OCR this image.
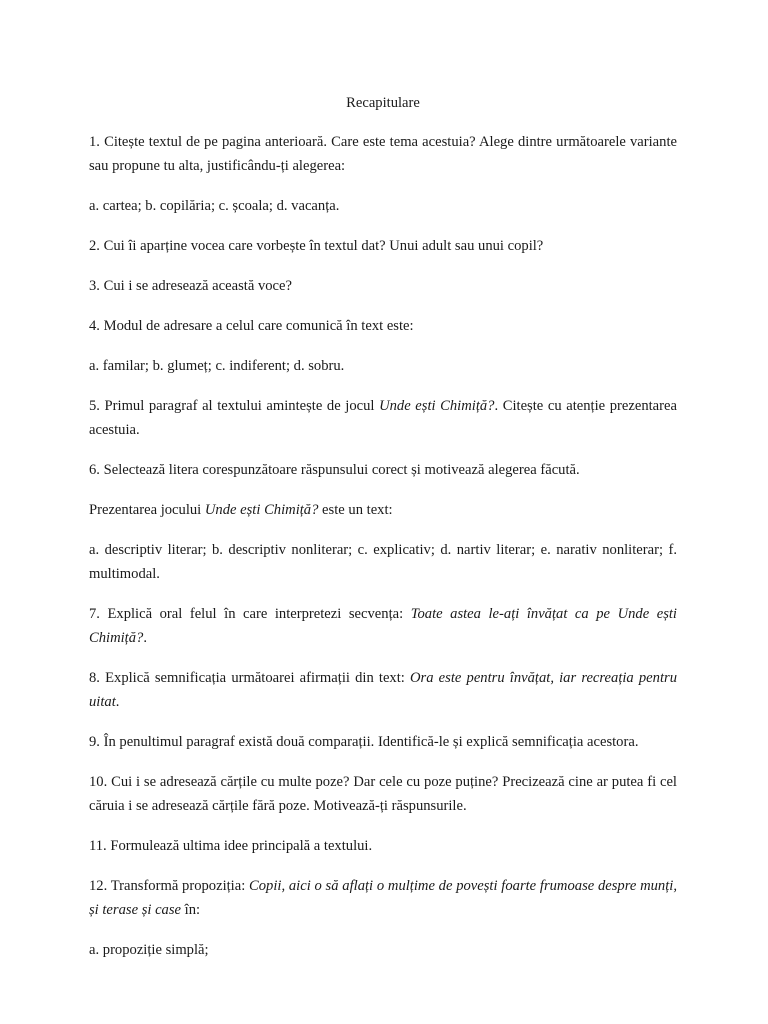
Recapitulare

1. Citește textul de pe pagina anterioară. Care este tema acestuia? Alege dintre următoarele variante sau propune tu alta, justificându-ți alegerea:

a. cartea; b. copilăria; c. școala; d. vacanța.

2. Cui îi aparține vocea care vorbește în textul dat? Unui adult sau unui copil?

3. Cui i se adresează această voce?

4. Modul de adresare a celul care comunică în text este:

a. familar; b. glumeț; c. indiferent; d. sobru.

5. Primul paragraf al textului amintește de jocul Unde ești Chimiță?. Citește cu atenție prezentarea acestuia.

6. Selectează litera corespunzătoare răspunsului corect și motivează alegerea făcută.

Prezentarea jocului Unde ești Chimiță? este un text:

a. descriptiv literar; b. descriptiv nonliterar; c. explicativ; d. nartiv literar; e. narativ nonliterar; f. multimodal.

7. Explică oral felul în care interpretezi secvența: Toate astea le-ați învățat ca pe Unde ești Chimiță?.

8. Explică semnificația următoarei afirmații din text: Ora este pentru învățat, iar recreația pentru uitat.

9. În penultimul paragraf există două comparații. Identifică-le și explică semnificația acestora.

10. Cui i se adresează cărțile cu multe poze? Dar cele cu poze puține? Precizează cine ar putea fi cel căruia i se adresează cărțile fără poze. Motivează-ți răspunsurile.

11. Formulează ultima idee principală a textului.

12. Transformă propoziția: Copii, aici o să aflați o mulțime de povești foarte frumoase despre munți, și terase și case în:

a. propoziție simplă;
